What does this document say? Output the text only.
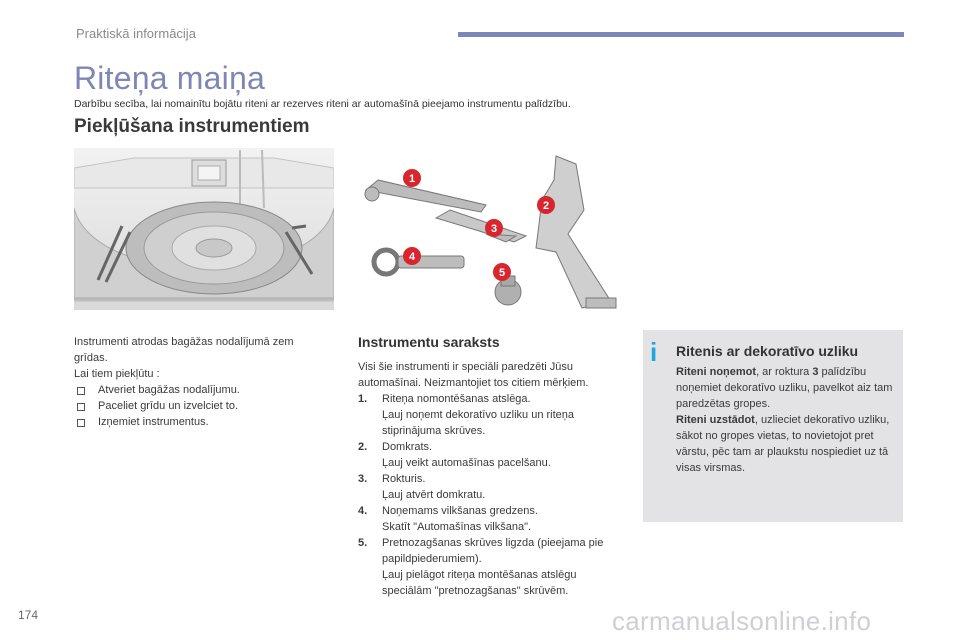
Praktiskā informācija
Riteņa maiņa
Darbību secība, lai nomainītu bojātu riteni ar rezerves riteni ar automašīnā pieejamo instrumentu palīdzību.
Piekļūšana instrumentiem
1
2
3
4
5
Instrumenti atrodas bagāžas nodalījumā zem grīdas.
Lai tiem piekļūtu :
Atveriet bagāžas nodalījumu.
Paceliet grīdu un izvelciet to.
Izņemiet instrumentus.
Instrumentu saraksts
Visi šie instrumenti ir speciāli paredzēti Jūsu automašīnai. Neizmantojiet tos citiem mērķiem.
1. Riteņa nomontēšanas atslēga.
Ļauj noņemt dekoratīvo uzliku un riteņa stiprinājuma skrūves.
2. Domkrats.
Ļauj veikt automašīnas pacelšanu.
3. Rokturis.
Ļauj atvērt domkratu.
4. Noņemams vilkšanas gredzens.
Skatīt "Automašīnas vilkšana".
5. Pretnozagšanas skrūves ligzda (pieejama pie papildpiederumiem).
Ļauj pielāgot riteņa montēšanas atslēgu speciālām "pretnozagšanas" skrūvēm.
i Ritenis ar dekoratīvo uzliku
Riteni noņemot, ar roktura 3 palīdzību noņemiet dekoratīvo uzliku, pavelkot aiz tam paredzētas gropes.
Riteni uzstādot, uzlieciet dekoratīvo uzliku, sākot no gropes vietas, to novietojot pret vārstu, pēc tam ar plaukstu nospiediet uz tā visas virsmas.
174	carmanualsonline.info
